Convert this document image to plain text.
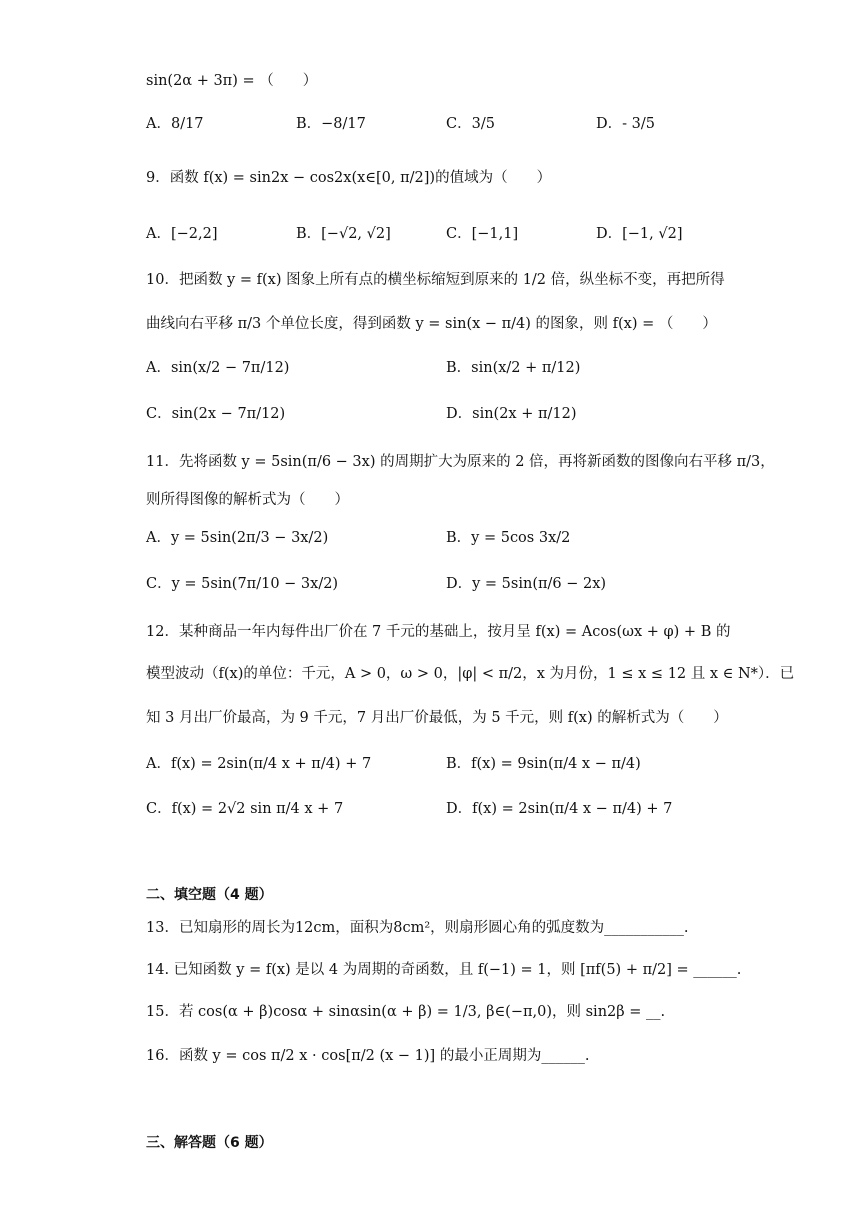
sin(2α + 3π) = （　　）
A．8/17	B．−8/17	C．3/5	D．- 3/5
9．函数 f(x) = sin2x − cos2x(x∈[0, π/2])的值域为（　　）
A．[−2,2]	B．[−√2, √2]	C．[−1,1]	D．[−1, √2]
10．把函数 y = f(x) 图象上所有点的横坐标缩短到原来的 1/2 倍，纵坐标不变，再把所得
曲线向右平移 π/3 个单位长度，得到函数 y = sin(x − π/4) 的图象，则 f(x) = （　　）
A．sin(x/2 − 7π/12)	B．sin(x/2 + π/12)
C．sin(2x − 7π/12)	D．sin(2x + π/12)
11．先将函数 y = 5sin(π/6 − 3x) 的周期扩大为原来的 2 倍，再将新函数的图像向右平移 π/3，
则所得图像的解析式为（　　）
A．y = 5sin(2π/3 − 3x/2)	B．y = 5cos 3x/2
C．y = 5sin(7π/10 − 3x/2)	D．y = 5sin(π/6 − 2x)
12．某种商品一年内每件出厂价在 7 千元的基础上，按月呈 f(x) = Acos(ωx + φ) + B 的
模型波动（f(x)的单位：千元，A > 0，ω > 0，|φ| < π/2，x 为月份，1 ≤ x ≤ 12 且 x ∈ N*）．已
知 3 月出厂价最高，为 9 千元，7 月出厂价最低，为 5 千元，则 f(x) 的解析式为（　　）
A．f(x) = 2sin(π/4 x + π/4) + 7	B．f(x) = 9sin(π/4 x − π/4)
C．f(x) = 2√2 sin π/4 x + 7	D．f(x) = 2sin(π/4 x − π/4) + 7
二、填空题（4 题）
13．已知扇形的周长为12cm，面积为8cm²，则扇形圆心角的弧度数为___________.
14. 已知函数 y = f(x) 是以 4 为周期的奇函数，且 f(−1) = 1，则 [πf(5) + π/2] = ______.
15．若 cos(α + β)cosα + sinαsin(α + β) = 1/3, β∈(−π,0)，则 sin2β = __.
16．函数 y = cos π/2 x · cos[π/2 (x − 1)] 的最小正周期为______.
三、解答题（6 题）
